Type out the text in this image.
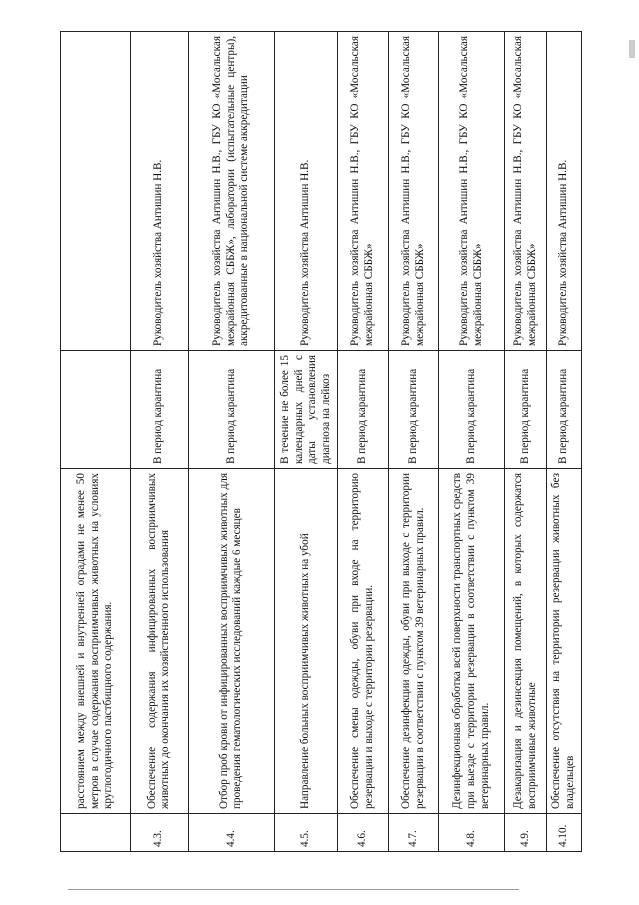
	расстоянием между внешней и внутренней оградами не менее 50 метров в случае содержания восприимчивых животных на условиях круглогодичного пастбищного содержания.		
4.3.	Обеспечение содержания инфицированных восприимчивых животных до окончания их хозяйственного использования	В период карантина	Руководитель хозяйства Антишин Н.В.
4.4.	Отбор проб крови от инфицированных восприимчивых животных для проведения гематологических исследований каждые 6 месяцев	В период карантина	Руководитель хозяйства Антишин Н.В., ГБУ КО «Мосальская межрайонная СББЖ», лаборатории (испытательные центры), аккредитованные в национальной системе аккредитации
4.5.	Направление больных восприимчивых животных на убой	В течение не более 15 календарных дней с даты установления диагноза на лейкоз	Руководитель хозяйства Антишин Н.В.
4.6.	Обеспечение смены одежды, обуви при входе на территорию резервации и выходе с территории резервации.	В период карантина	Руководитель хозяйства Антишин Н.В., ГБУ КО «Мосальская межрайонная СББЖ»
4.7.	Обеспечение дезинфекции одежды, обуви при выходе с территории резервации в соответствии с пунктом 39 ветеринарных правил.	В период карантина	Руководитель хозяйства Антишин Н.В., ГБУ КО «Мосальская межрайонная СББЖ»
4.8.	Дезинфекционная обработка всей поверхности транспортных средств при выезде с территории резервации в соответствии с пунктом 39 ветеринарных правил.	В период карантина	Руководитель хозяйства Антишин Н.В., ГБУ КО «Мосальская межрайонная СББЖ»
4.9.	Дезакаризация и дезинсекция помещений, в которых содержатся восприимчивые животные	В период карантина	Руководитель хозяйства Антишин Н.В., ГБУ КО «Мосальская межрайонная СББЖ»
4.10.	Обеспечение отсутствия на территории резервации животных без владельцев	В период карантина	Руководитель хозяйства Антишин Н.В.
